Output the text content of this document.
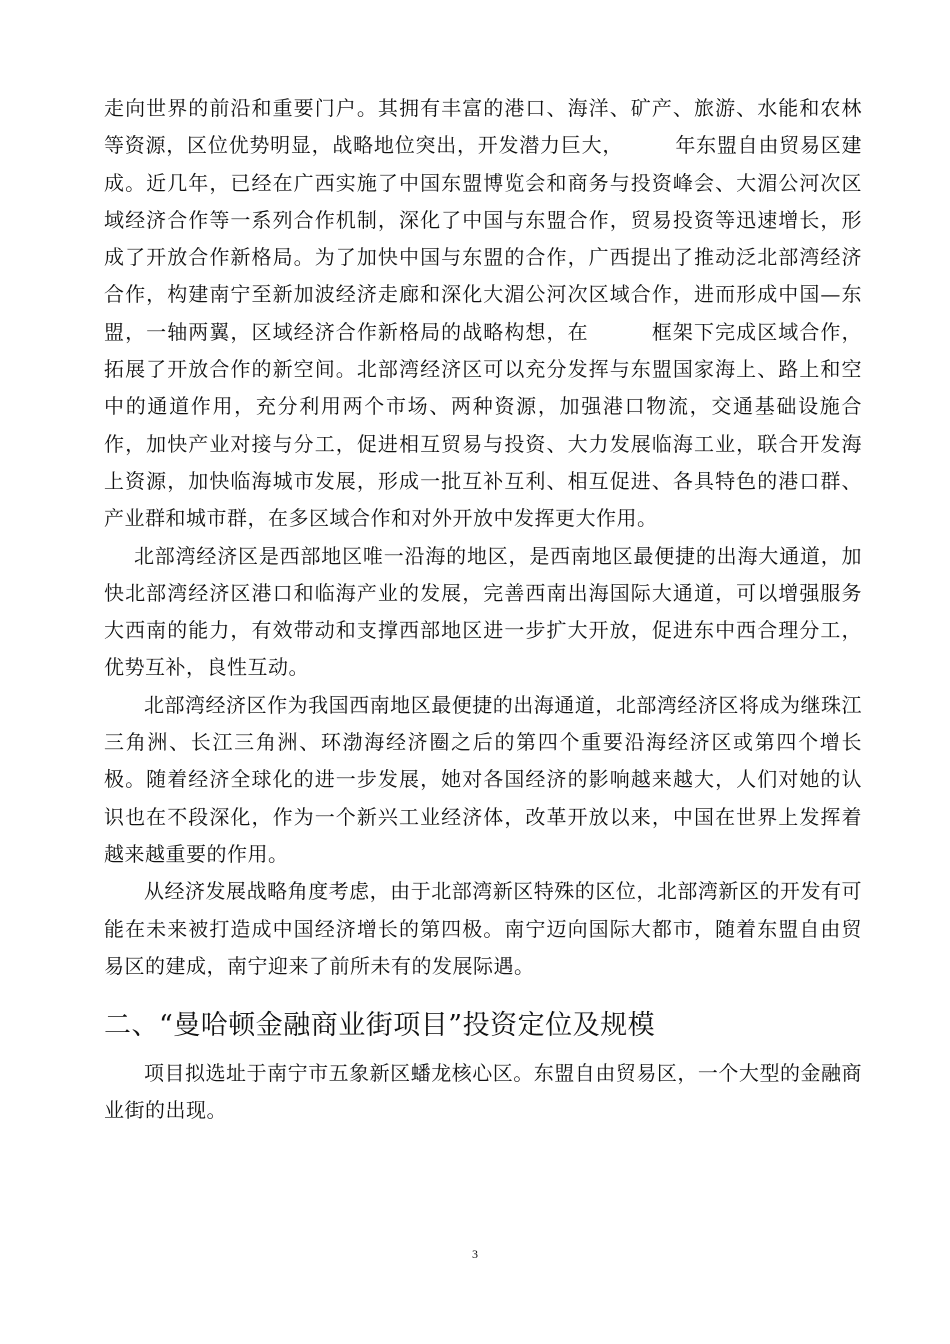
走向世界的前沿和重要门户。其拥有丰富的港口、海洋、矿产、旅游、水能和农林等资源，区位优势明显，战略地位突出，开发潜力巨大，　　　年东盟自由贸易区建成。近几年，已经在广西实施了中国东盟博览会和商务与投资峰会、大湄公河次区域经济合作等一系列合作机制，深化了中国与东盟合作，贸易投资等迅速增长，形成了开放合作新格局。为了加快中国与东盟的合作，广西提出了推动泛北部湾经济合作，构建南宁至新加波经济走廊和深化大湄公河次区域合作，进而形成中国—东盟，一轴两翼，区域经济合作新格局的战略构想，在　　　框架下完成区域合作，拓展了开放合作的新空间。北部湾经济区可以充分发挥与东盟国家海上、路上和空中的通道作用，充分利用两个市场、两种资源，加强港口物流，交通基础设施合作，加快产业对接与分工，促进相互贸易与投资、大力发展临海工业，联合开发海上资源，加快临海城市发展，形成一批互补互利、相互促进、各具特色的港口群、产业群和城市群，在多区域合作和对外开放中发挥更大作用。

北部湾经济区是西部地区唯一沿海的地区，是西南地区最便捷的出海大通道，加快北部湾经济区港口和临海产业的发展，完善西南出海国际大通道，可以增强服务大西南的能力，有效带动和支撑西部地区进一步扩大开放，促进东中西合理分工，优势互补，良性互动。

北部湾经济区作为我国西南地区最便捷的出海通道，北部湾经济区将成为继珠江三角洲、长江三角洲、环渤海经济圈之后的第四个重要沿海经济区或第四个增长极。随着经济全球化的进一步发展，她对各国经济的影响越来越大，人们对她的认识也在不段深化，作为一个新兴工业经济体，改革开放以来，中国在世界上发挥着越来越重要的作用。

从经济发展战略角度考虑，由于北部湾新区特殊的区位，北部湾新区的开发有可能在未来被打造成中国经济增长的第四极。南宁迈向国际大都市，随着东盟自由贸易区的建成，南宁迎来了前所未有的发展际遇。

二、“曼哈顿金融商业街项目”投资定位及规模

项目拟选址于南宁市五象新区蟠龙核心区。东盟自由贸易区，一个大型的金融商业街的出现。

3
